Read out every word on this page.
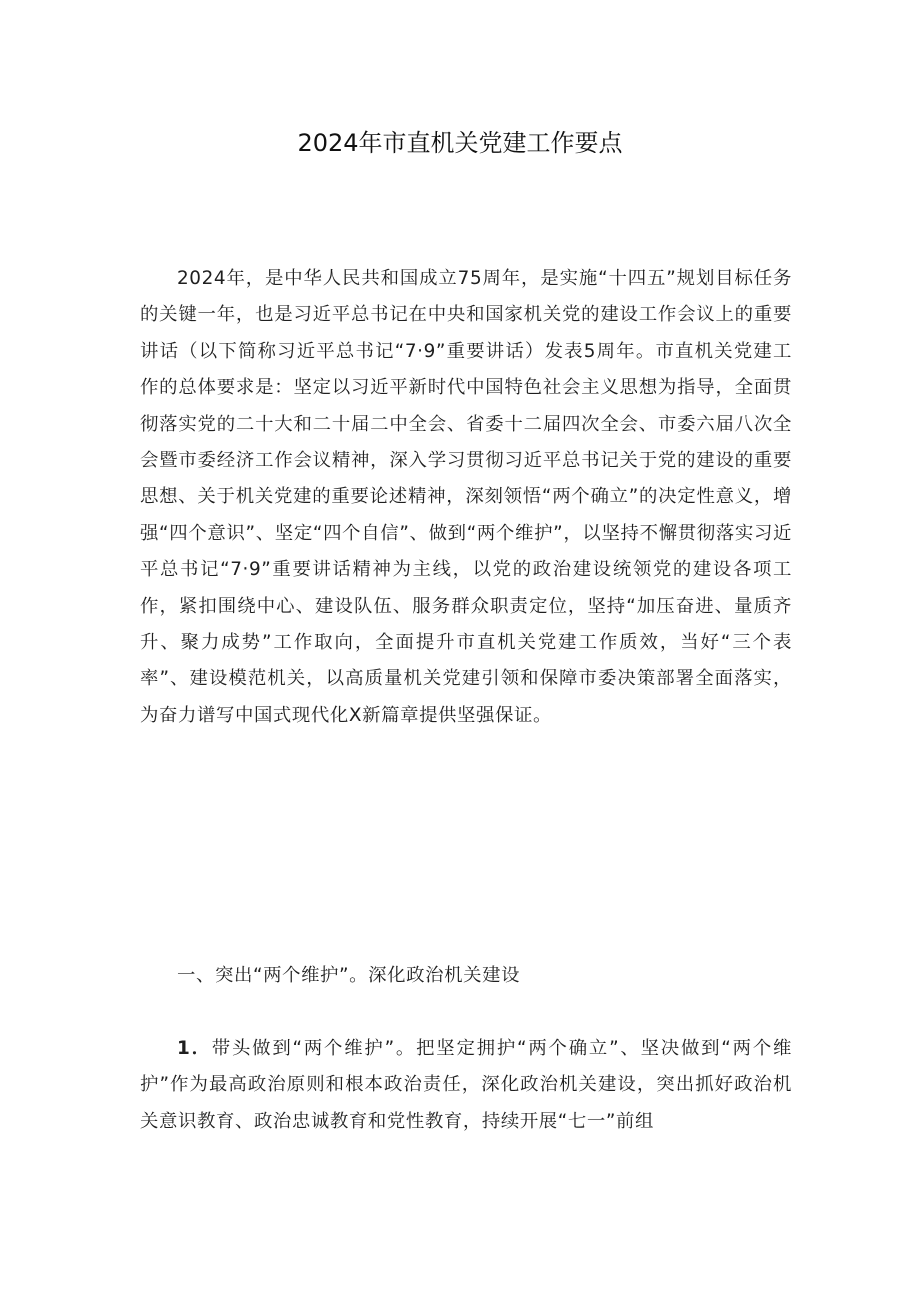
2024年市直机关党建工作要点

2024年，是中华人民共和国成立75周年，是实施“十四五”规划目标任务的关键一年，也是习近平总书记在中央和国家机关党的建设工作会议上的重要讲话（以下简称习近平总书记“7·9”重要讲话）发表5周年。市直机关党建工作的总体要求是：坚定以习近平新时代中国特色社会主义思想为指导，全面贯彻落实党的二十大和二十届二中全会、省委十二届四次全会、市委六届八次全会暨市委经济工作会议精神，深入学习贯彻习近平总书记关于党的建设的重要思想、关于机关党建的重要论述精神，深刻领悟“两个确立”的决定性意义，增强“四个意识”、坚定“四个自信”、做到“两个维护”，以坚持不懈贯彻落实习近平总书记“7·9”重要讲话精神为主线，以党的政治建设统领党的建设各项工作，紧扣围绕中心、建设队伍、服务群众职责定位，坚持“加压奋进、量质齐升、聚力成势”工作取向，全面提升市直机关党建工作质效，当好“三个表率”、建设模范机关，以高质量机关党建引领和保障市委决策部署全面落实，为奋力谱写中国式现代化X新篇章提供坚强保证。

一、突出“两个维护”。深化政治机关建设

1．带头做到“两个维护”。把坚定拥护“两个确立”、坚决做到“两个维护”作为最高政治原则和根本政治责任，深化政治机关建设，突出抓好政治机关意识教育、政治忠诚教育和党性教育，持续开展“七一”前组
